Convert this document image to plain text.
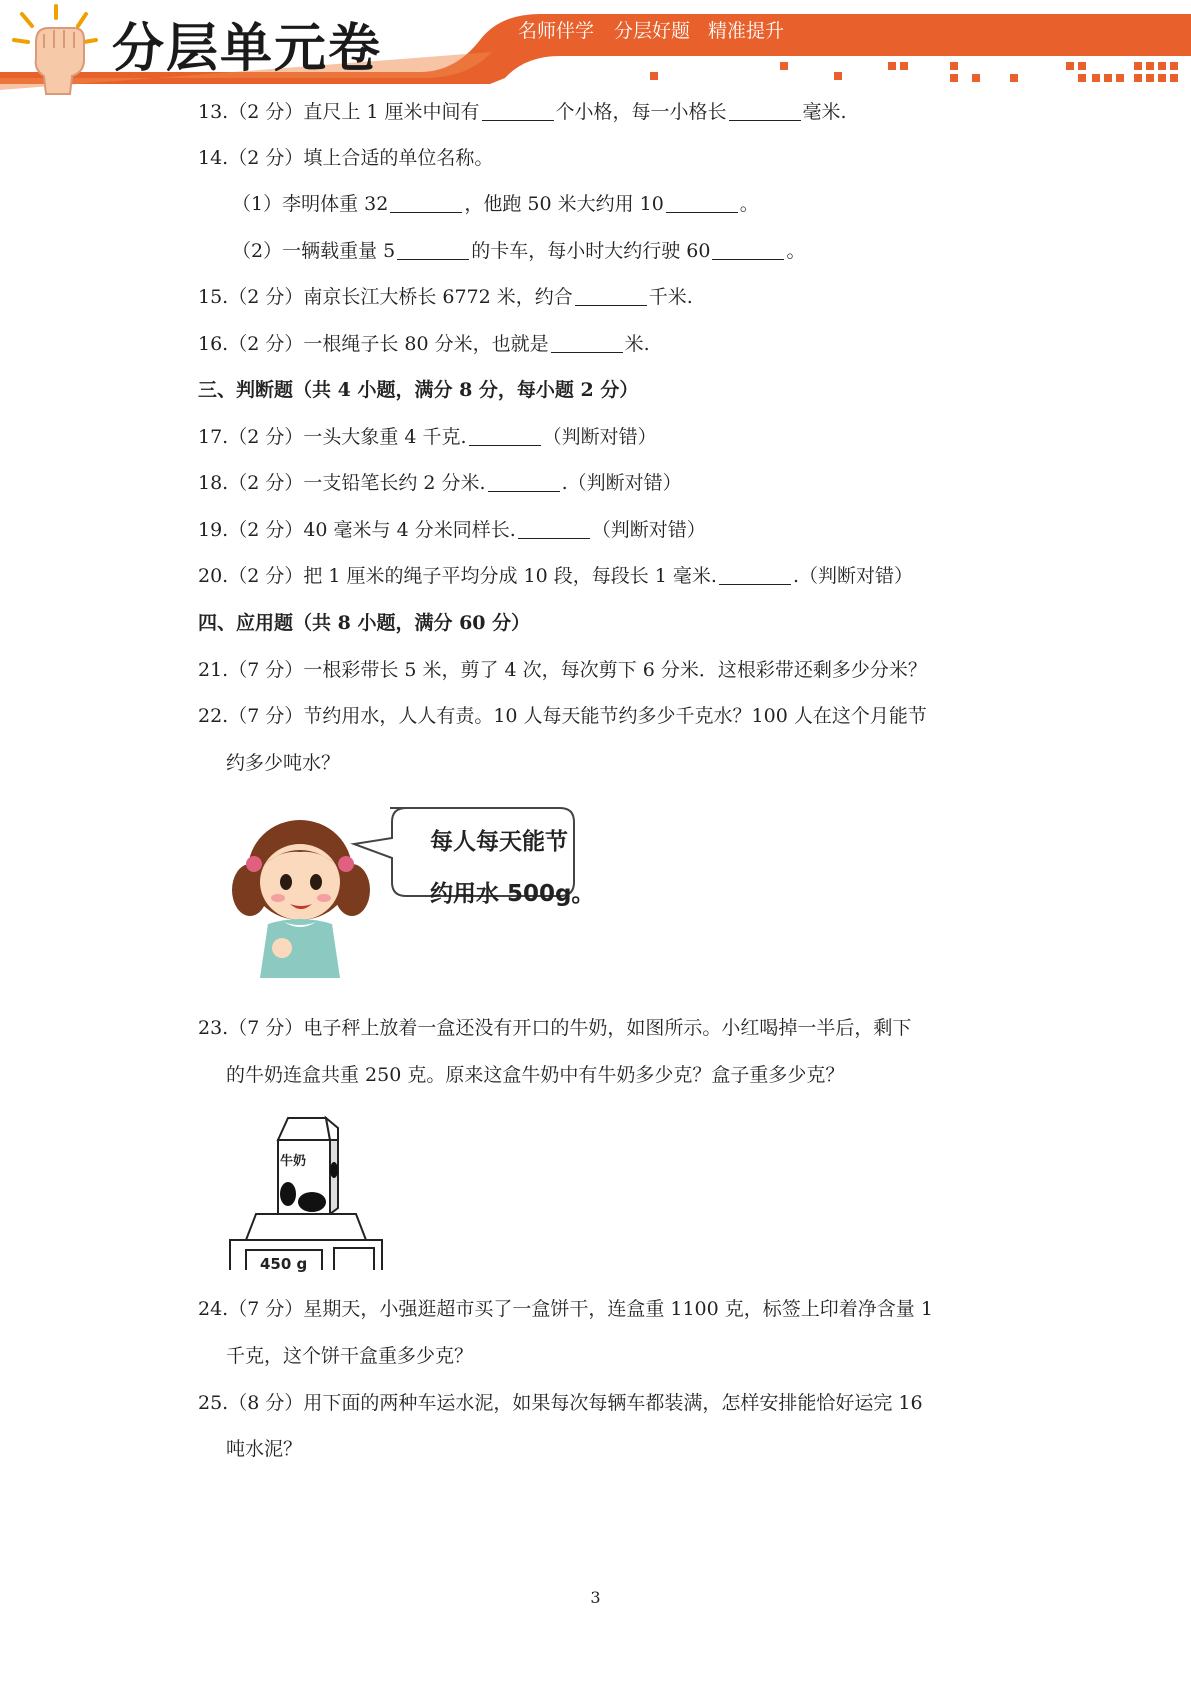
分层单元卷	名师伴学 分层好题 精准提升
13.（2 分）直尺上 1 厘米中间有	个小格，每一小格长	毫米.
14.（2 分）填上合适的单位名称。
（1）李明体重 32	，他跑 50 米大约用 10	。
（2）一辆载重量 5	的卡车，每小时大约行驶 60	。
15.（2 分）南京长江大桥长 6772 米，约合	千米.
16.（2 分）一根绳子长 80 分米，也就是	米.
三、判断题（共 4 小题，满分 8 分，每小题 2 分）
17.（2 分）一头大象重 4 千克.	（判断对错）
18.（2 分）一支铅笔长约 2 分米.	.（判断对错）
19.（2 分）40 毫米与 4 分米同样长.	（判断对错）
20.（2 分）把 1 厘米的绳子平均分成 10 段，每段长 1 毫米.	.（判断对错）
四、应用题（共 8 小题，满分 60 分）
21.（7 分）一根彩带长 5 米，剪了 4 次，每次剪下 6 分米．这根彩带还剩多少分米？
22.（7 分）节约用水，人人有责。10 人每天能节约多少千克水？100 人在这个月能节
约多少吨水？
每人每天能节
约用水 500g。
23.（7 分）电子秤上放着一盒还没有开口的牛奶，如图所示。小红喝掉一半后，剩下
的牛奶连盒共重 250 克。原来这盒牛奶中有牛奶多少克？盒子重多少克？
牛奶
450 g
24.（7 分）星期天，小强逛超市买了一盒饼干，连盒重 1100 克，标签上印着净含量 1
千克，这个饼干盒重多少克？
25.（8 分）用下面的两种车运水泥，如果每次每辆车都装满，怎样安排能恰好运完 16
吨水泥？
3
